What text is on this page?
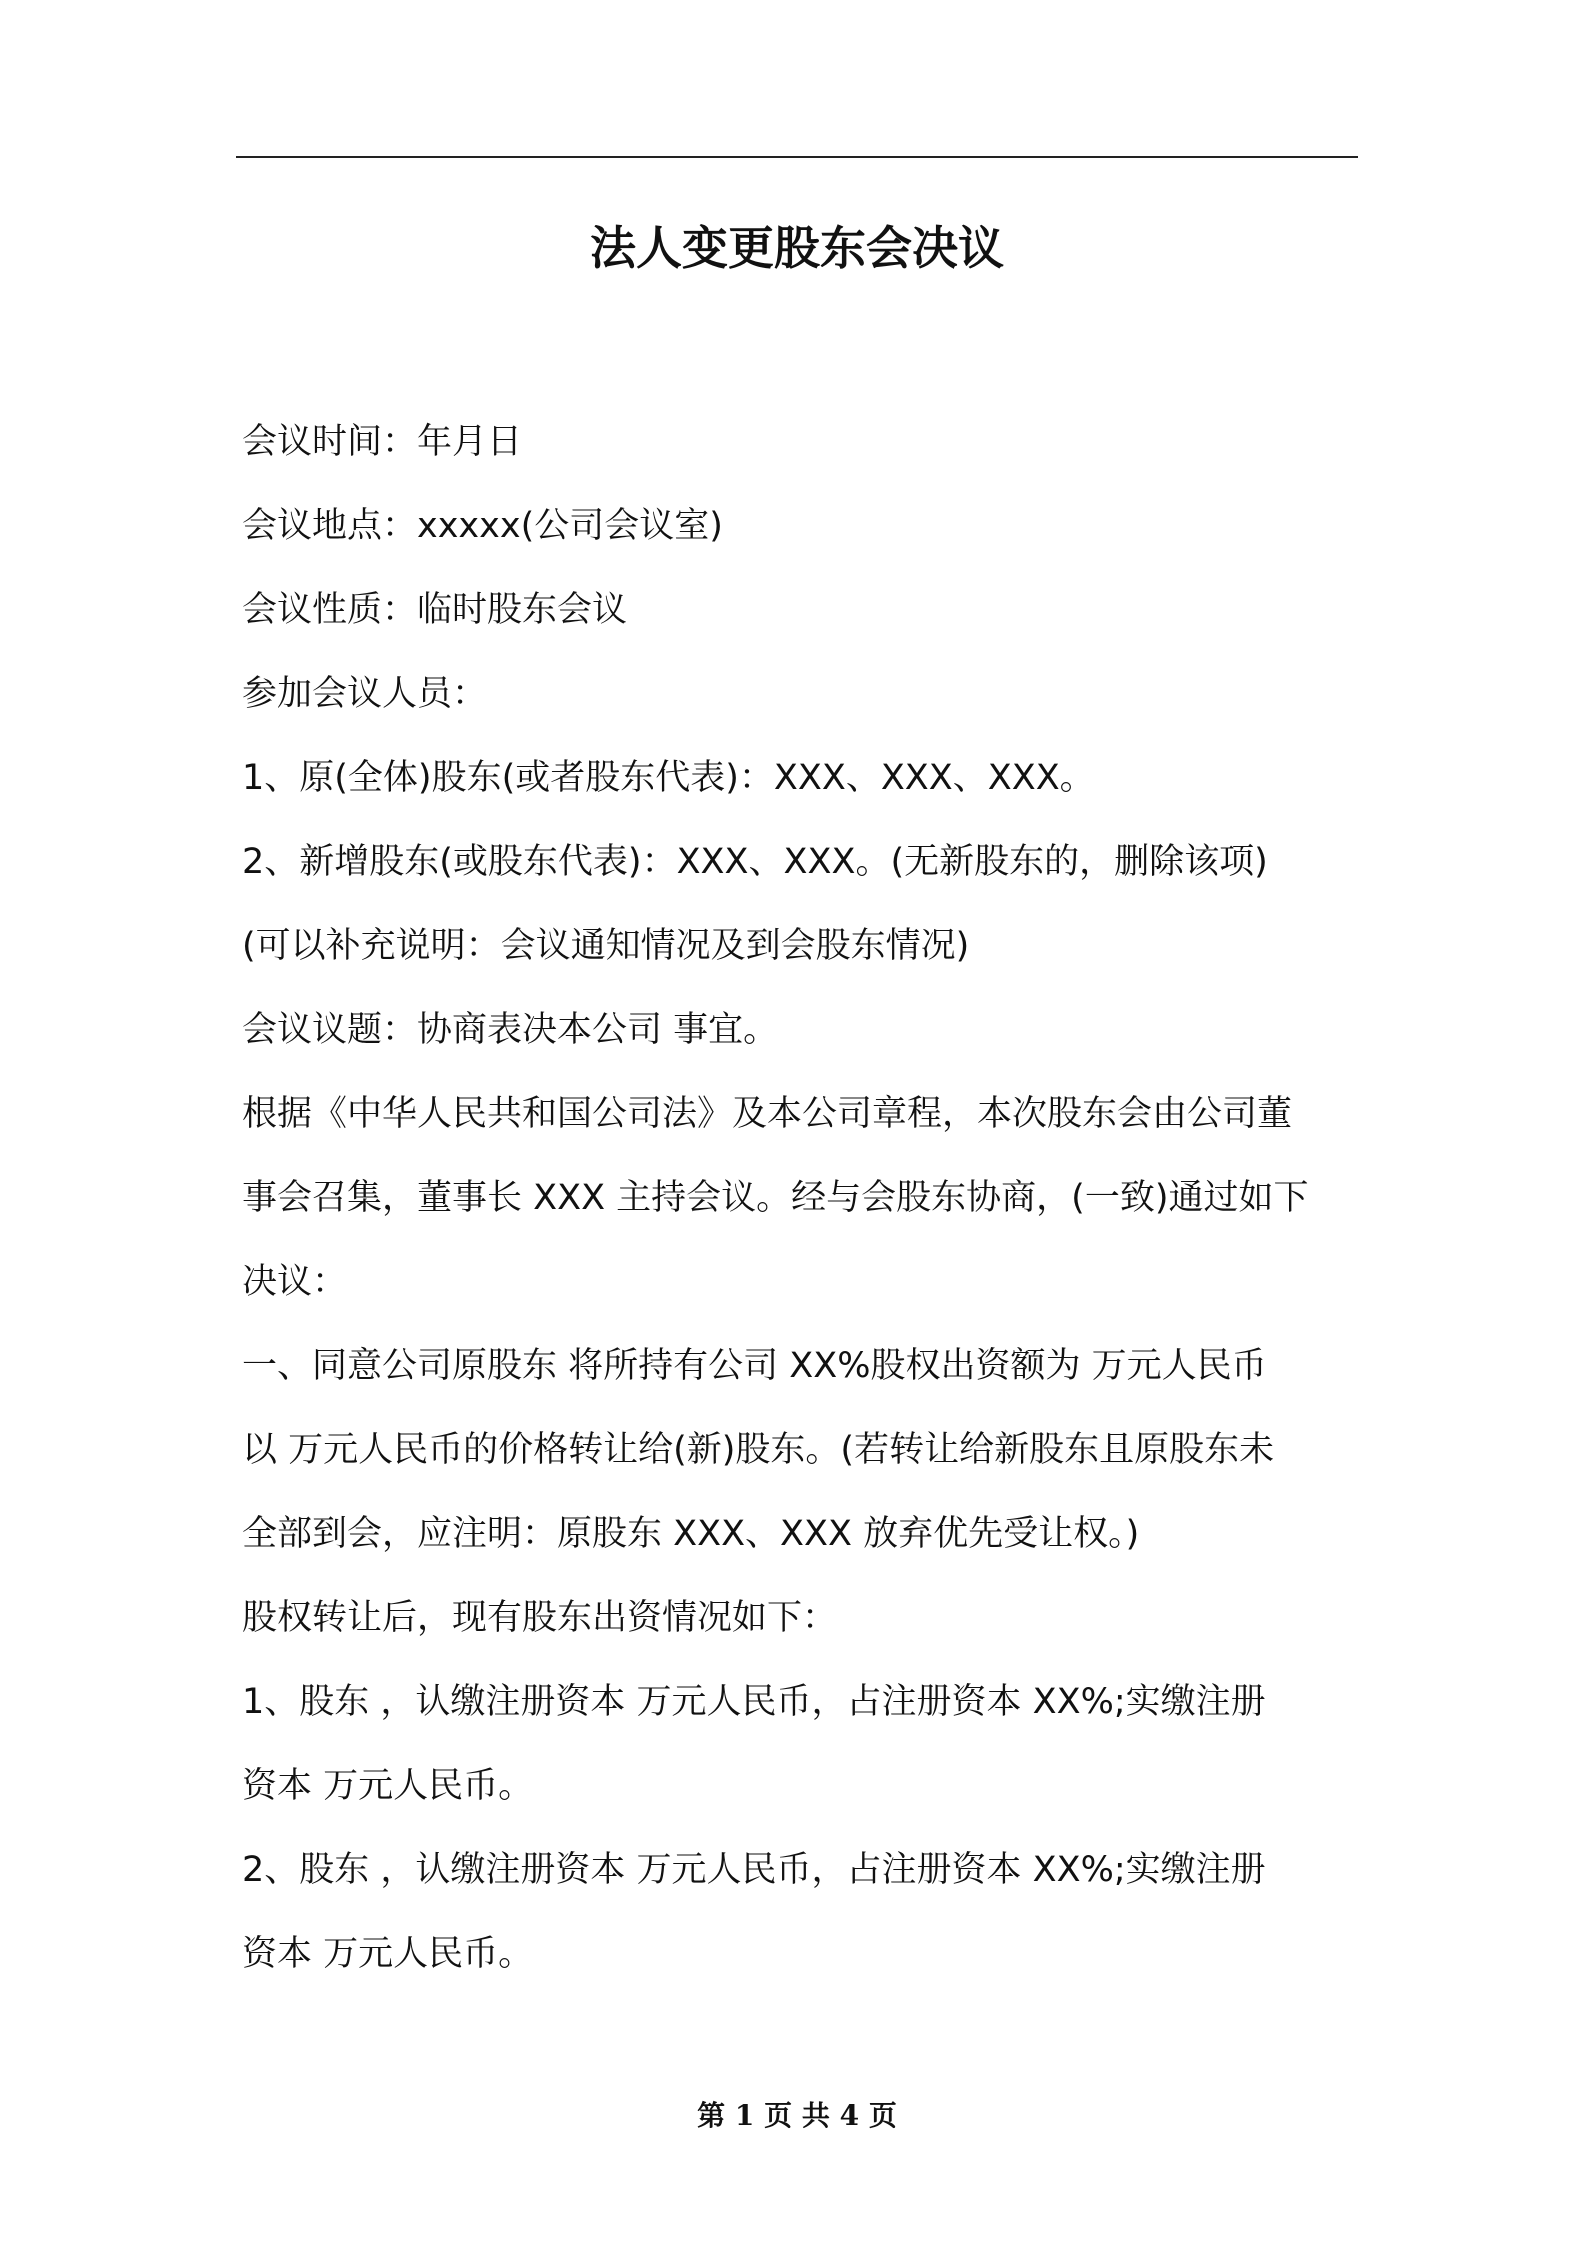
法人变更股东会决议
会议时间：年月日
会议地点：xxxxx(公司会议室)
会议性质：临时股东会议
参加会议人员：
1、原(全体)股东(或者股东代表)：XXX、XXX、XXX。
2、新增股东(或股东代表)：XXX、XXX。(无新股东的，删除该项)
(可以补充说明：会议通知情况及到会股东情况)
会议议题：协商表决本公司 事宜。
根据《中华人民共和国公司法》及本公司章程，本次股东会由公司董
事会召集，董事长 XXX 主持会议。经与会股东协商，(一致)通过如下
决议：
一、同意公司原股东 将所持有公司 XX%股权出资额为 万元人民币
以 万元人民币的价格转让给(新)股东。(若转让给新股东且原股东未
全部到会，应注明：原股东 XXX、XXX 放弃优先受让权。)
股权转让后，现有股东出资情况如下：
1、股东 ，认缴注册资本 万元人民币，占注册资本 XX%;实缴注册
资本 万元人民币。
2、股东 ，认缴注册资本 万元人民币，占注册资本 XX%;实缴注册
资本 万元人民币。
第 1 页 共 4 页
